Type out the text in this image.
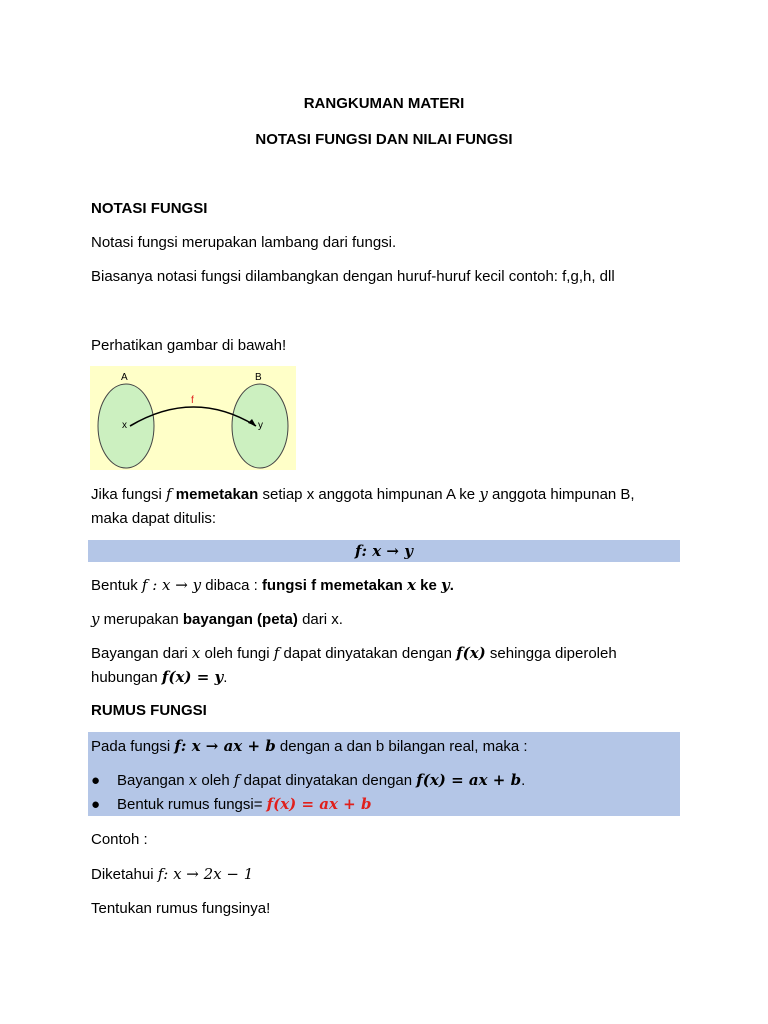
RANGKUMAN MATERI
NOTASI FUNGSI DAN NILAI FUNGSI
NOTASI FUNGSI
Notasi fungsi merupakan lambang dari fungsi.
Biasanya notasi fungsi dilambangkan dengan huruf-huruf kecil contoh: f,g,h, dll
Perhatikan gambar di bawah!
A	B
x	y
f
Jika fungsi f memetakan setiap x anggota himpunan A ke y anggota himpunan B,
maka dapat ditulis:
f: x → y
Bentuk f : x → y dibaca : fungsi f memetakan x ke y.
y merupakan bayangan (peta) dari x.
Bayangan dari x oleh fungi f dapat dinyatakan dengan f(x) sehingga diperoleh
hubungan f(x) = y.
RUMUS FUNGSI
Pada fungsi f: x → ax + b dengan a dan b bilangan real, maka :
● Bayangan x oleh f dapat dinyatakan dengan f(x) = ax + b.
● Bentuk rumus fungsi= f(x) = ax + b
Contoh :
Diketahui f: x → 2x − 1
Tentukan rumus fungsinya!
